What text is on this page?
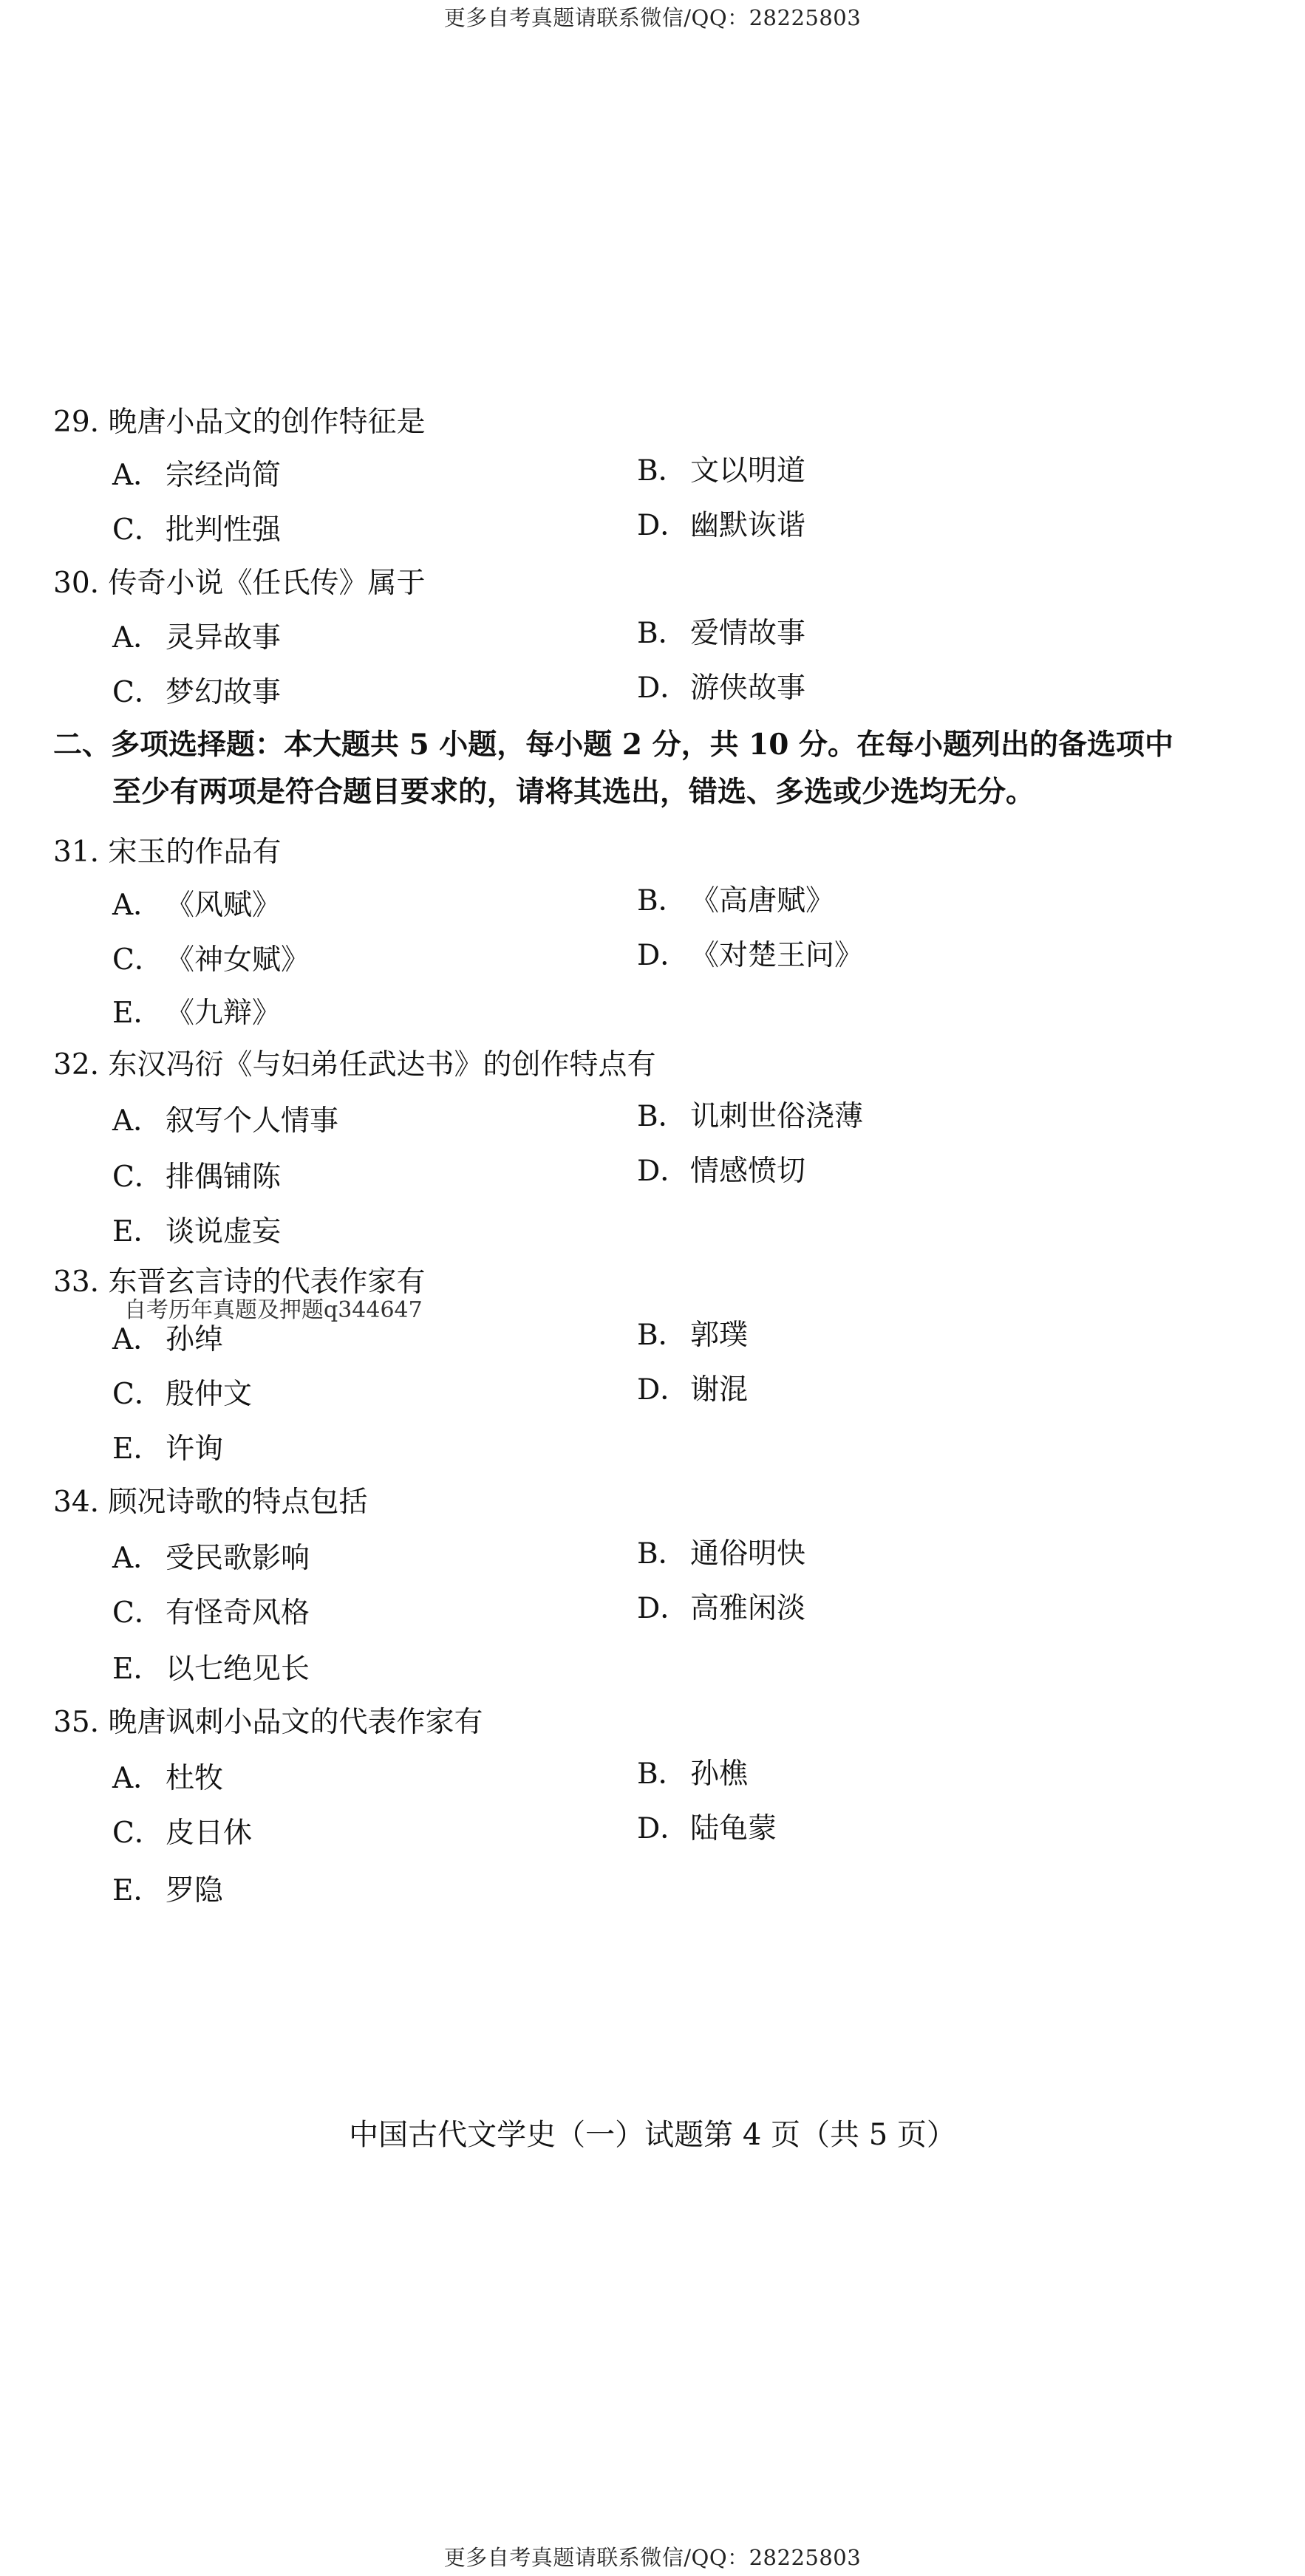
更多自考真题请联系微信/QQ：28225803
29. 晚唐小品文的创作特征是
A． 宗经尚简	B． 文以明道
C．批判性强	D．幽默诙谐
30. 传奇小说《任氏传》属于
A． 灵异故事	B． 爱情故事
C．梦幻故事	D．游侠故事
二、多项选择题：本大题共 5 小题，每小题 2 分，共 10 分。在每小题列出的备选项中
至少有两项是符合题目要求的，请将其选出，错选、多选或少选均无分。
31. 宋玉的作品有
A． 《风赋》	B． 《高唐赋》
C．《神女赋》	D．《对楚王问》
E． 《九辩》
32. 东汉冯衍《与妇弟任武达书》的创作特点有
A． 叙写个人情事	B． 讥刺世俗浇薄
C．排偶铺陈	D．情感愤切
E． 谈说虚妄
33. 东晋玄言诗的代表作家有
自考历年真题及押题q344647
A． 孙绰	B． 郭璞
C．殷仲文	D．谢混
E． 许询
34. 顾况诗歌的特点包括
A． 受民歌影响	B． 通俗明快
C．有怪奇风格	D．高雅闲淡
E． 以七绝见长
35. 晚唐讽刺小品文的代表作家有
A． 杜牧	B． 孙樵
C．皮日休	D．陆龟蒙
E． 罗隐
中国古代文学史（一）试题第 4 页（共 5 页）
更多自考真题请联系微信/QQ：28225803
